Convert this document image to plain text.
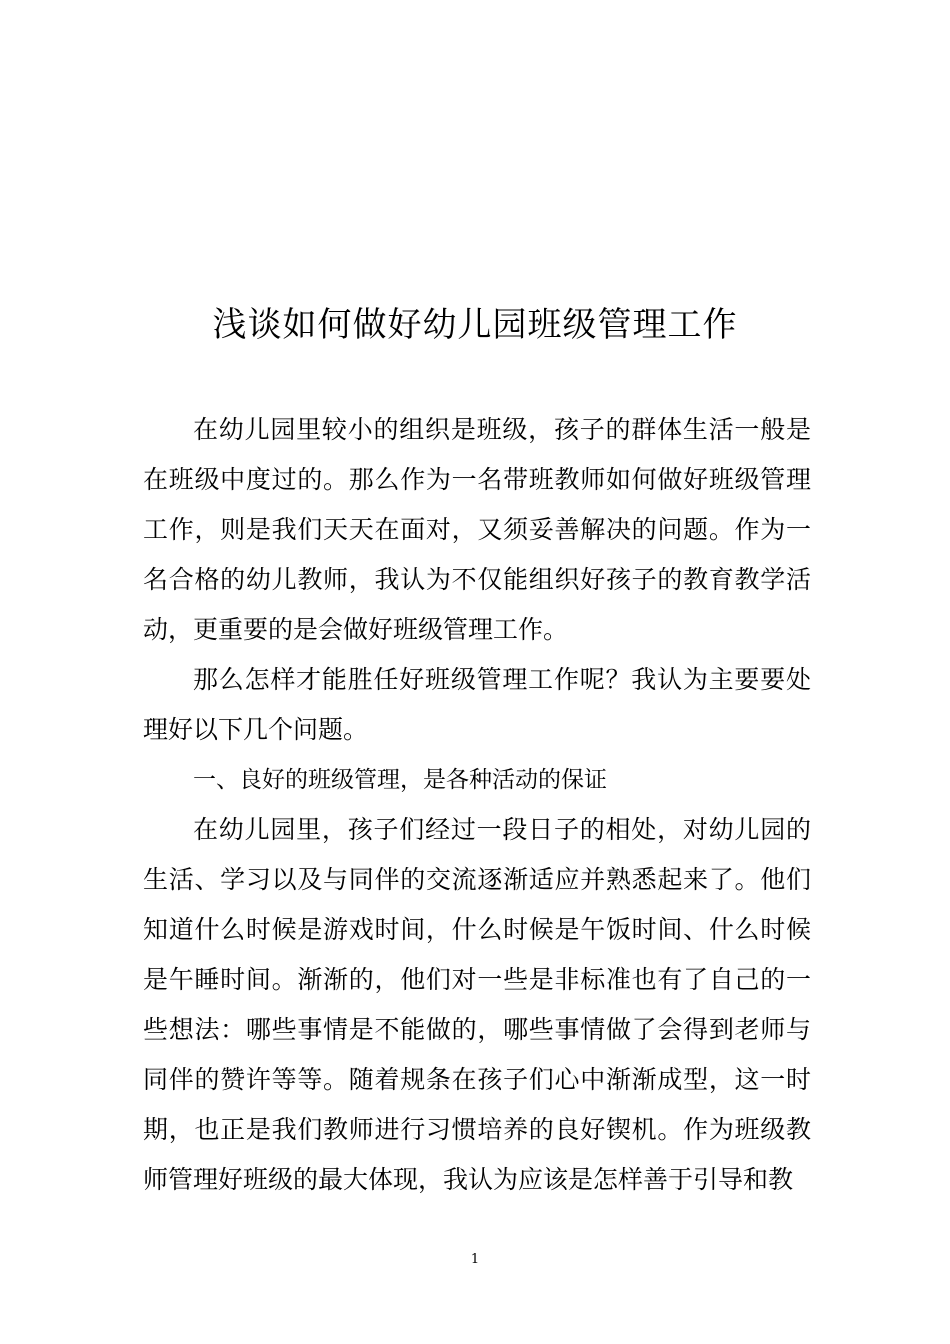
浅谈如何做好幼儿园班级管理工作

在幼儿园里较小的组织是班级，孩子的群体生活一般是在班级中度过的。那么作为一名带班教师如何做好班级管理工作，则是我们天天在面对，又须妥善解决的问题。作为一名合格的幼儿教师，我认为不仅能组织好孩子的教育教学活动，更重要的是会做好班级管理工作。

那么怎样才能胜任好班级管理工作呢？我认为主要要处理好以下几个问题。

一、良好的班级管理，是各种活动的保证

在幼儿园里，孩子们经过一段日子的相处，对幼儿园的生活、学习以及与同伴的交流逐渐适应并熟悉起来了。他们知道什么时候是游戏时间，什么时候是午饭时间、什么时候是午睡时间。渐渐的，他们对一些是非标准也有了自己的一些想法：哪些事情是不能做的，哪些事情做了会得到老师与同伴的赞许等等。随着规条在孩子们心中渐渐成型，这一时期，也正是我们教师进行习惯培养的良好锲机。作为班级教师管理好班级的最大体现，我认为应该是怎样善于引导和教

1
